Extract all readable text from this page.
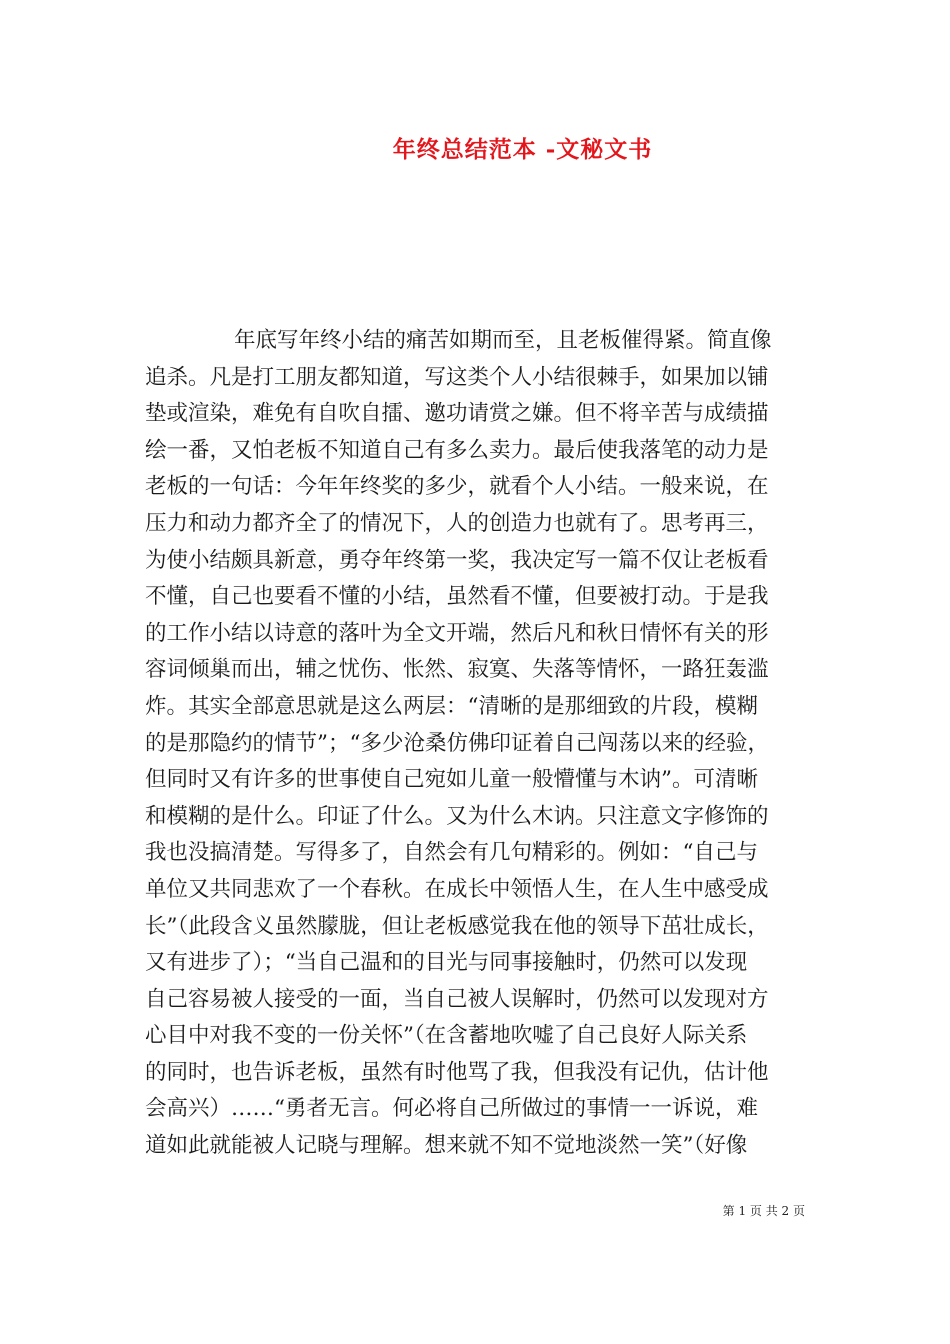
年终总结范本 -文秘文书
年底写年终小结的痛苦如期而至，且老板催得紧。简直像
追杀。凡是打工朋友都知道，写这类个人小结很棘手，如果加以铺
垫或渲染，难免有自吹自擂、邀功请赏之嫌。但不将辛苦与成绩描
绘一番，又怕老板不知道自己有多么卖力。最后使我落笔的动力是
老板的一句话：今年年终奖的多少，就看个人小结。一般来说，在
压力和动力都齐全了的情况下，人的创造力也就有了。思考再三，
为使小结颇具新意，勇夺年终第一奖，我决定写一篇不仅让老板看
不懂，自己也要看不懂的小结，虽然看不懂，但要被打动。于是我
的工作小结以诗意的落叶为全文开端，然后凡和秋日情怀有关的形
容词倾巢而出，辅之忧伤、怅然、寂寞、失落等情怀，一路狂轰滥
炸。其实全部意思就是这么两层：“清晰的是那细致的片段，模糊
的是那隐约的情节”；“多少沧桑仿佛印证着自己闯荡以来的经验，
但同时又有许多的世事使自己宛如儿童一般懵懂与木讷”。可清晰
和模糊的是什么。印证了什么。又为什么木讷。只注意文字修饰的
我也没搞清楚。写得多了，自然会有几句精彩的。例如：“自己与
单位又共同悲欢了一个春秋。在成长中领悟人生，在人生中感受成
长”（此段含义虽然朦胧，但让老板感觉我在他的领导下茁壮成长，
又有进步了）；“当自己温和的目光与同事接触时，仍然可以发现
自己容易被人接受的一面，当自己被人误解时，仍然可以发现对方
心目中对我不变的一份关怀”（在含蓄地吹嘘了自己良好人际关系
的同时，也告诉老板，虽然有时他骂了我，但我没有记仇，估计他
会高兴）……“勇者无言。何必将自己所做过的事情一一诉说，难
道如此就能被人记晓与理解。想来就不知不觉地淡然一笑”（好像
第 1 页 共 2 页
